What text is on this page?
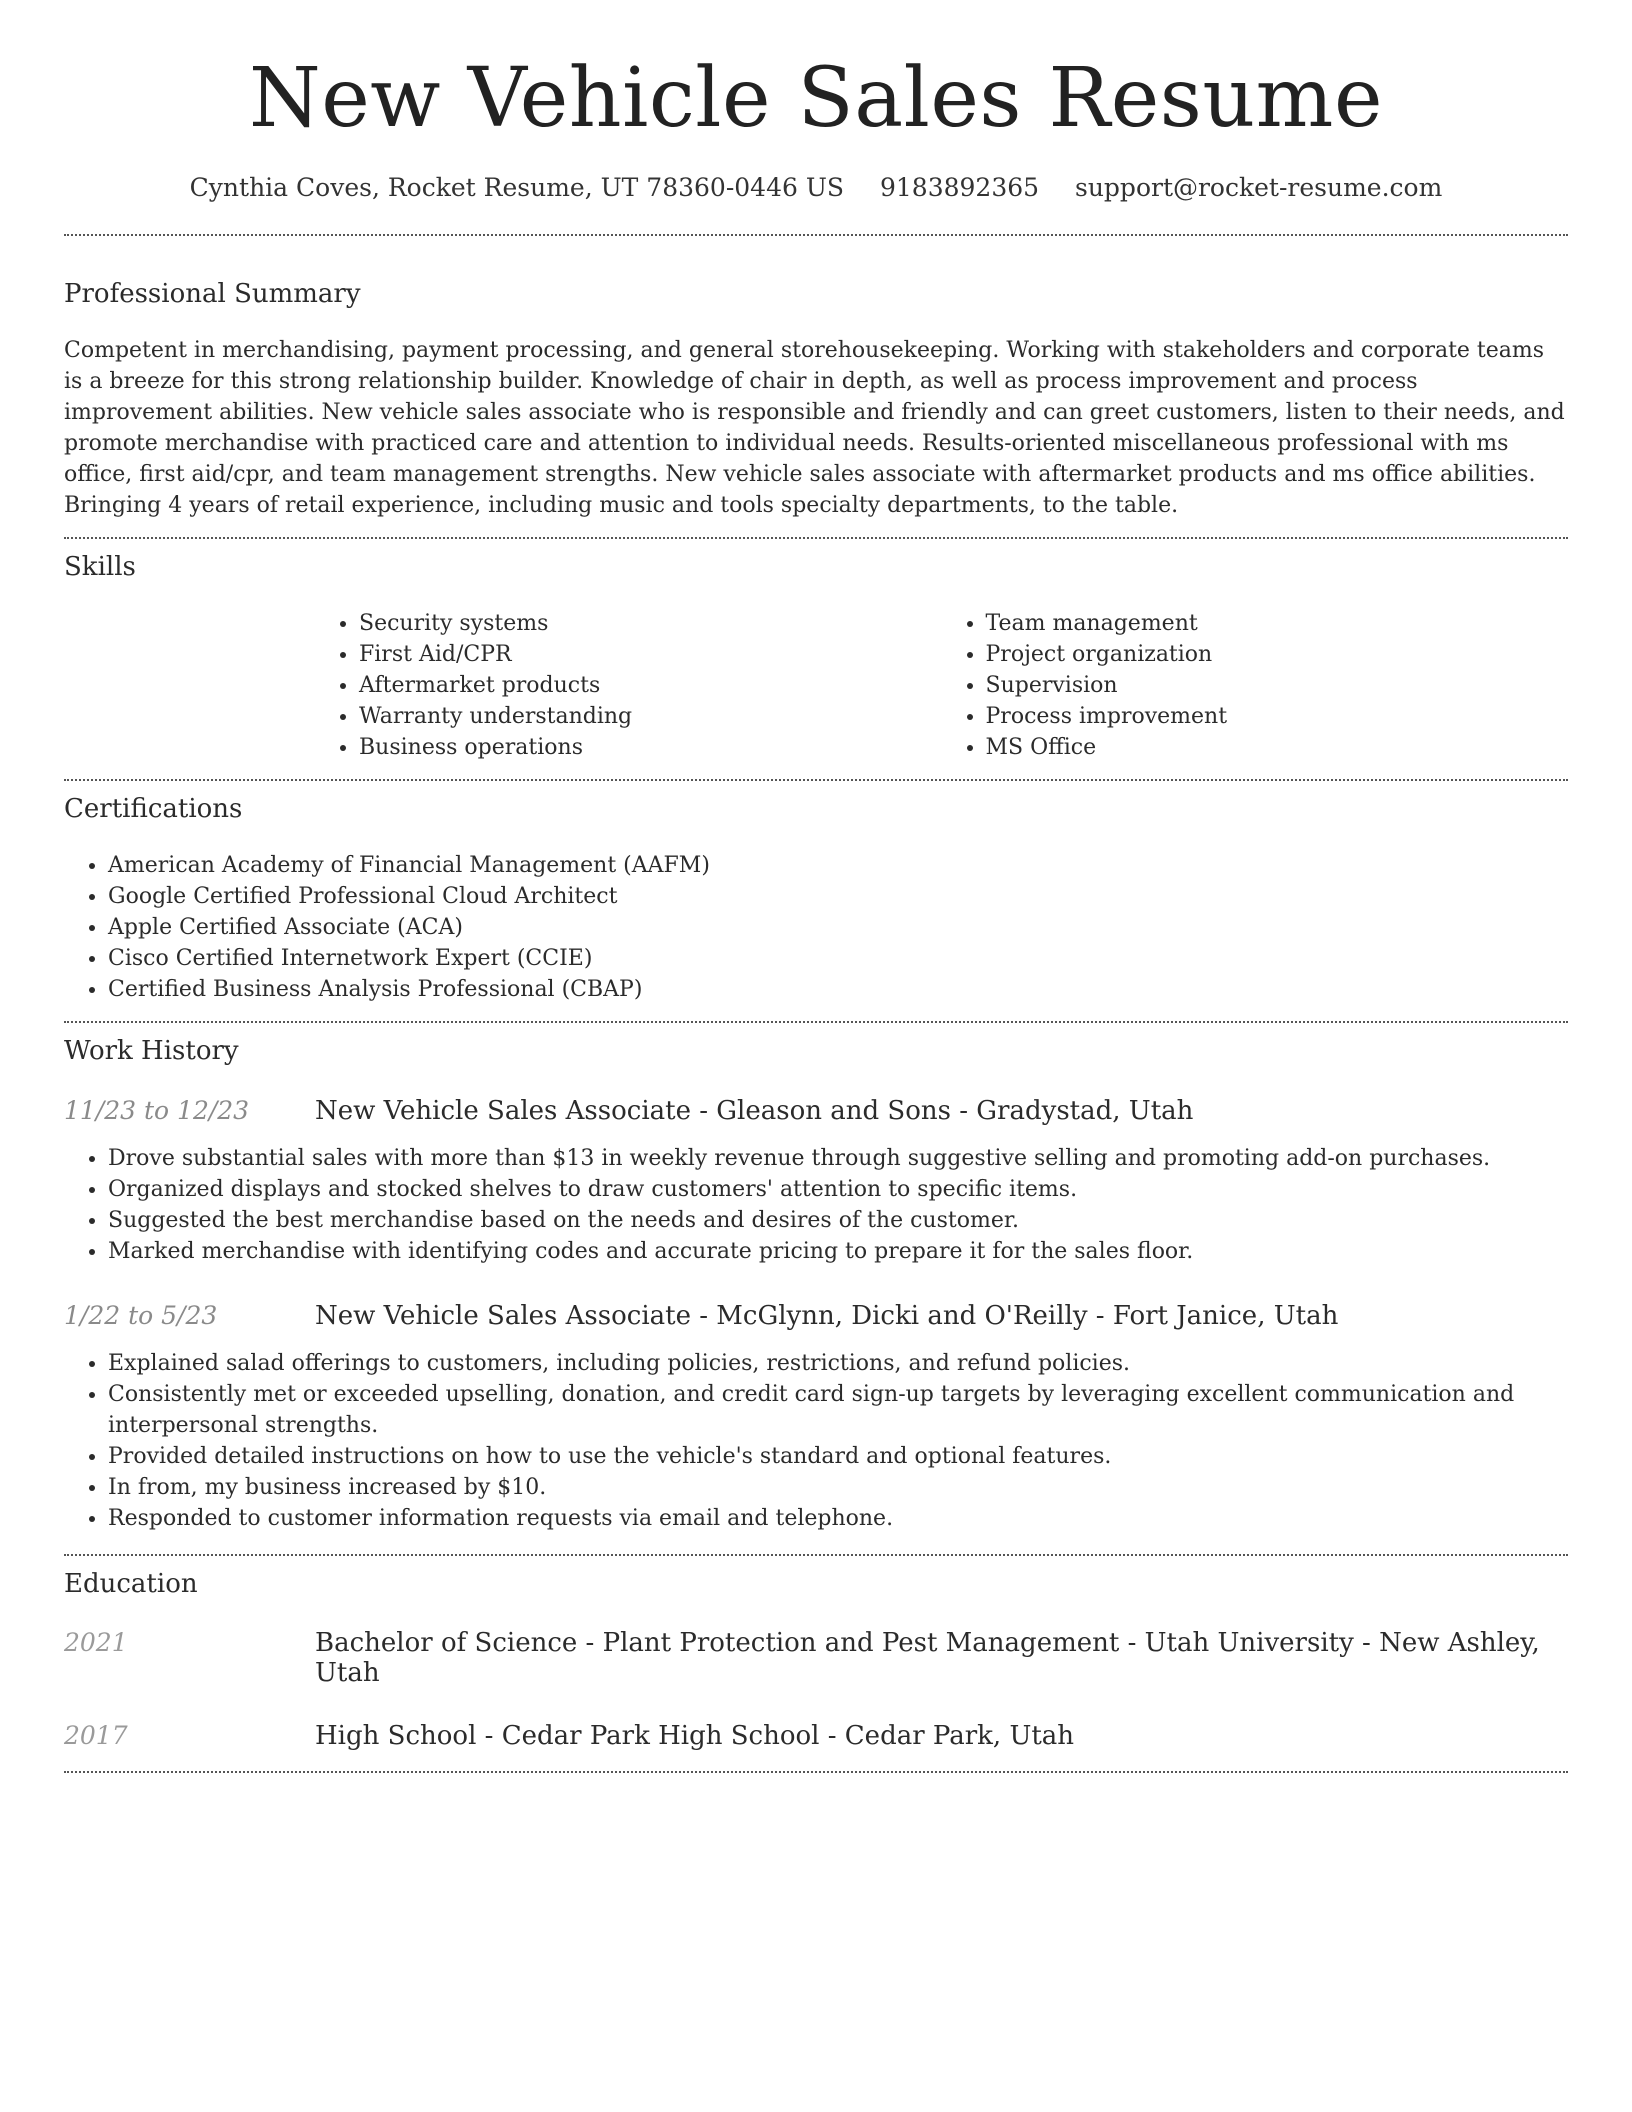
New Vehicle Sales Resume
Cynthia Coves, Rocket Resume, UT 78360-0446 US 9183892365 support@rocket-resume.com
Professional Summary

Competent in merchandising, payment processing, and general storehousekeeping. Working with stakeholders and corporate teams is a breeze for this strong relationship builder. Knowledge of chair in depth, as well as process improvement and process improvement abilities. New vehicle sales associate who is responsible and friendly and can greet customers, listen to their needs, and promote merchandise with practiced care and attention to individual needs. Results-oriented miscellaneous professional with ms office, first aid/cpr, and team management strengths. New vehicle sales associate with aftermarket products and ms office abilities. Bringing 4 years of retail experience, including music and tools specialty departments, to the table.

Skills
• Security systems
• First Aid/CPR
• Aftermarket products
• Warranty understanding
• Business operations
• Team management
• Project organization
• Supervision
• Process improvement
• MS Office
Certifications
• American Academy of Financial Management (AAFM)
• Google Certified Professional Cloud Architect
• Apple Certified Associate (ACA)
• Cisco Certified Internetwork Expert (CCIE)
• Certified Business Analysis Professional (CBAP)
Work History
11/23 to 12/23	New Vehicle Sales Associate - Gleason and Sons - Gradystad, Utah
• Drove substantial sales with more than $13 in weekly revenue through suggestive selling and promoting add-on purchases.
• Organized displays and stocked shelves to draw customers' attention to specific items.
• Suggested the best merchandise based on the needs and desires of the customer.
• Marked merchandise with identifying codes and accurate pricing to prepare it for the sales floor.
1/22 to 5/23	New Vehicle Sales Associate - McGlynn, Dicki and O'Reilly - Fort Janice, Utah
• Explained salad offerings to customers, including policies, restrictions, and refund policies.
• Consistently met or exceeded upselling, donation, and credit card sign-up targets by leveraging excellent communication and interpersonal strengths.
• Provided detailed instructions on how to use the vehicle's standard and optional features.
• In from, my business increased by $10.
• Responded to customer information requests via email and telephone.
Education
2021	Bachelor of Science - Plant Protection and Pest Management - Utah University - New Ashley, Utah
2017	High School - Cedar Park High School - Cedar Park, Utah
